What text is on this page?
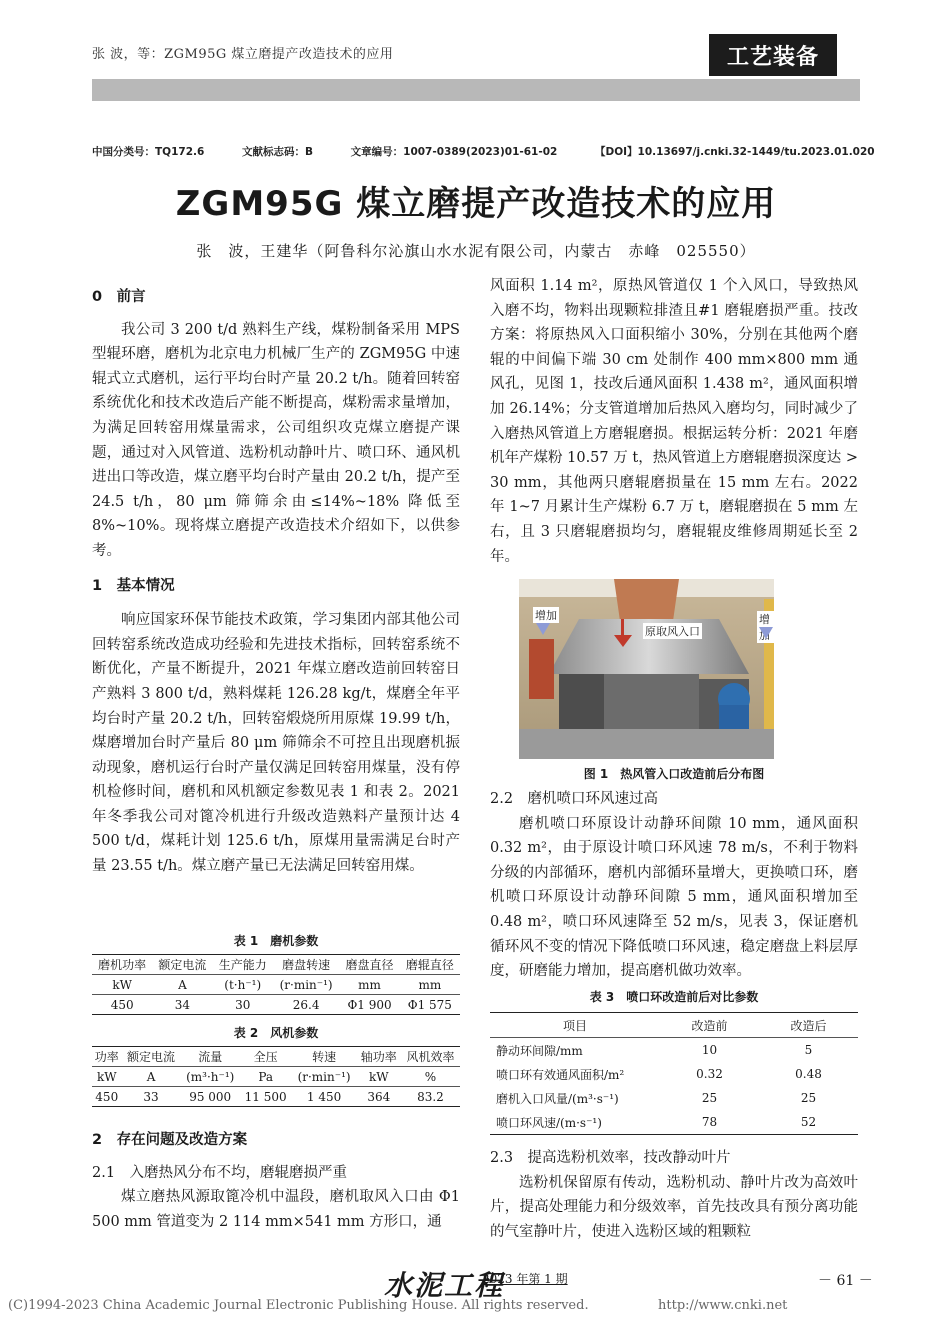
张 波，等：ZGM95G 煤立磨提产改造技术的应用	工艺装备
中国分类号：TQ172.6	文献标志码：B	文章编号：1007-0389(2023)01-61-02	【DOI】10.13697/j.cnki.32-1449/tu.2023.01.020
ZGM95G 煤立磨提产改造技术的应用
张　波，王建华（阿鲁科尔沁旗山水水泥有限公司，内蒙古　赤峰　025550）
0　前言

我公司 3 200 t/d 熟料生产线，煤粉制备采用 MPS 型辊环磨，磨机为北京电力机械厂生产的 ZGM95G 中速辊式立式磨机，运行平均台时产量 20.2 t/h。随着回转窑系统优化和技术改造后产能不断提高，煤粉需求量增加，为满足回转窑用煤量需求，公司组织攻克煤立磨提产课题，通过对入风管道、选粉机动静叶片、喷口环、通风机进出口等改造，煤立磨平均台时产量由 20.2 t/h，提产至 24.5 t/h，80 μm 筛筛余由≤14%~18% 降低至 8%~10%。现将煤立磨提产改造技术介绍如下，以供参考。

1　基本情况

响应国家环保节能技术政策，学习集团内部其他公司回转窑系统改造成功经验和先进技术指标，回转窑系统不断优化，产量不断提升，2021 年煤立磨改造前回转窑日产熟料 3 800 t/d，熟料煤耗 126.28 kg/t，煤磨全年平均台时产量 20.2 t/h，回转窑煅烧所用原煤 19.99 t/h，煤磨增加台时产量后 80 μm 筛筛余不可控且出现磨机振动现象，磨机运行台时产量仅满足回转窑用煤量，没有停机检修时间，磨机和风机额定参数见表 1 和表 2。2021 年冬季我公司对篦冷机进行升级改造熟料产量预计达 4 500 t/d，煤耗计划 125.6 t/h，原煤用量需满足台时产量 23.55 t/h。煤立磨产量已无法满足回转窑用煤。

表 1　磨机参数
磨机功率	额定电流	生产能力	磨盘转速	磨盘直径	磨辊直径
kW	A	(t·h⁻¹)	(r·min⁻¹)	mm	mm
450	34	30	26.4	Φ1 900	Φ1 575
表 2　风机参数
功率	额定电流	流量	全压	转速	轴功率	风机效率
kW	A	(m³·h⁻¹)	Pa	(r·min⁻¹)	kW	%
450	33	95 000	11 500	1 450	364	83.2
2　存在问题及改造方案
2.1　入磨热风分布不均，磨辊磨损严重

煤立磨热风源取篦冷机中温段，磨机取风入口由 Φ1 500 mm 管道变为 2 114 mm×541 mm 方形口，通

风面积 1.14 m²，原热风管道仅 1 个入风口，导致热风入磨不均，物料出现颗粒排渣且#1 磨辊磨损严重。技改方案：将原热风入口面积缩小 30%，分别在其他两个磨辊的中间偏下端 30 cm 处制作 400 mm×800 mm 通风孔，见图 1，技改后通风面积 1.438 m²，通风面积增加 26.14%；分支管道增加后热风入磨均匀，同时减少了入磨热风管道上方磨辊磨损。根据运转分析：2021 年磨机年产煤粉 10.57 万 t，热风管道上方磨辊磨损深度达 > 30 mm，其他两只磨辊磨损量在 15 mm 左右。2022 年 1~7 月累计生产煤粉 6.7 万 t，磨辊磨损在 5 mm 左右，且 3 只磨辊磨损均匀，磨辊辊皮维修周期延长至 2 年。

增加
原取风入口
增加
图 1　热风管入口改造前后分布图
2.2　磨机喷口环风速过高

磨机喷口环原设计动静环间隙 10 mm，通风面积 0.32 m²，由于原设计喷口环风速 78 m/s，不利于物料分级的内部循环，磨机内部循环量增大，更换喷口环，磨机喷口环原设计动静环间隙 5 mm，通风面积增加至 0.48 m²，喷口环风速降至 52 m/s，见表 3，保证磨机循环风不变的情况下降低喷口环风速，稳定磨盘上料层厚度，研磨能力增加，提高磨机做功效率。

表 3　喷口环改造前后对比参数
项目	改造前	改造后
静动环间隙/mm	10	5
喷口环有效通风面积/m²	0.32	0.48
磨机入口风量/(m³·s⁻¹)	25	25
喷口环风速/(m·s⁻¹)	78	52
2.3　提高选粉机效率，技改静动叶片

选粉机保留原有传动，选粉机动、静叶片改为高效叶片，提高处理能力和分级效率，首先技改具有预分离功能的气室静叶片，使进入选粉区域的粗颗粒

水泥工程
2023 年第 1 期	－ 61 －
(C)1994-2023 China Academic Journal Electronic Publishing House. All rights reserved.	http://www.cnki.net
